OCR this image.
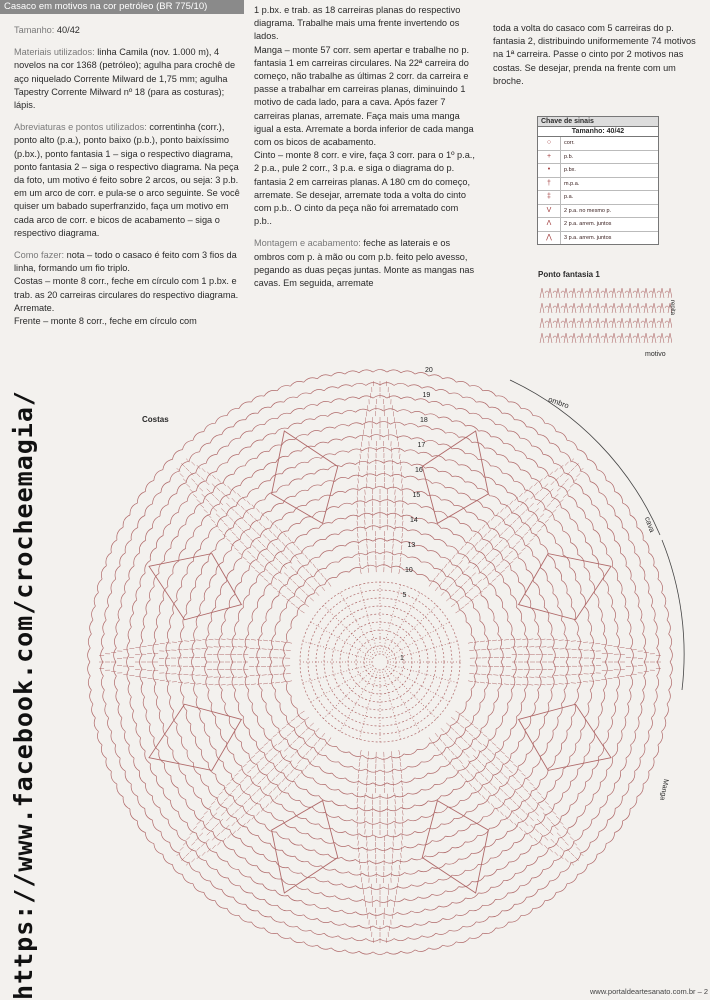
Casaco em motivos na cor petróleo (BR 775/10)

Tamanho: 40/42

Materiais utilizados: linha Camila (nov. 1.000 m), 4 novelos na cor 1368 (petróleo); agulha para crochê de aço niquelado Corrente Milward de 1,75 mm; agulha Tapestry Corrente Milward nº 18 (para as costuras); lápis.

Abreviaturas e pontos utilizados: correntinha (corr.), ponto alto (p.a.), ponto baixo (p.b.), ponto baixíssimo (p.bx.), ponto fantasia 1 – siga o respectivo diagrama, ponto fantasia 2 – siga o respectivo diagrama. Na peça da foto, um motivo é feito sobre 2 arcos, ou seja: 3 p.b. em um arco de corr. e pula-se o arco seguinte. Se você quiser um babado superfranzido, faça um motivo em cada arco de corr. e bicos de acabamento – siga o respectivo diagrama.

Como fazer: nota – todo o casaco é feito com 3 fios da linha, formando um fio triplo.
Costas – monte 8 corr., feche em círculo com 1 p.bx. e trab. as 20 carreiras circulares do respectivo diagrama. Arremate.
Frente – monte 8 corr., feche em círculo com

1 p.bx. e trab. as 18 carreiras planas do respectivo diagrama. Trabalhe mais uma frente invertendo os lados.
Manga – monte 57 corr. sem apertar e trabalhe no p. fantasia 1 em carreiras circulares. Na 22ª carreira do começo, não trabalhe as últimas 2 corr. da carreira e passe a trabalhar em carreiras planas, diminuindo 1 motivo de cada lado, para a cava. Após fazer 7 carreiras planas, arremate. Faça mais uma manga igual a esta. Arremate a borda inferior de cada manga com os bicos de acabamento.
Cinto – monte 8 corr. e vire, faça 3 corr. para o 1º p.a., 2 p.a., pule 2 corr., 3 p.a. e siga o diagrama do p. fantasia 2 em carreiras planas. A 180 cm do começo, arremate. Se desejar, arremate toda a volta do cinto com p.b.. O cinto da peça não foi arrematado com p.b..

Montagem e acabamento: feche as laterais e os ombros com p. à mão ou com p.b. feito pelo avesso, pegando as duas peças juntas. Monte as mangas nas cavas. Em seguida, arremate

toda a volta do casaco com 5 carreiras do p. fantasia 2, distribuindo uniformemente 74 motivos na 1ª carreira. Passe o cinto por 2 motivos nas costas. Se desejar, prenda na frente com um broche.

Chave de sinais
Tamanho: 40/42
○	corr.
+	p.b.
•	p.bx.
†	m.p.a.
‡	p.a.
V	2 p.a. no mesmo p.
Λ	2 p.a. arrem. juntos
⋀	3 p.a. arrem. juntos
Ponto fantasia 1
repita
motivo
Costas
ombro
cava
Manga
1
5
10
13
14
15
16
17
18
19
20
https://www.facebook.com/crocheemagia/	www.portaldeartesanato.com.br – 2
